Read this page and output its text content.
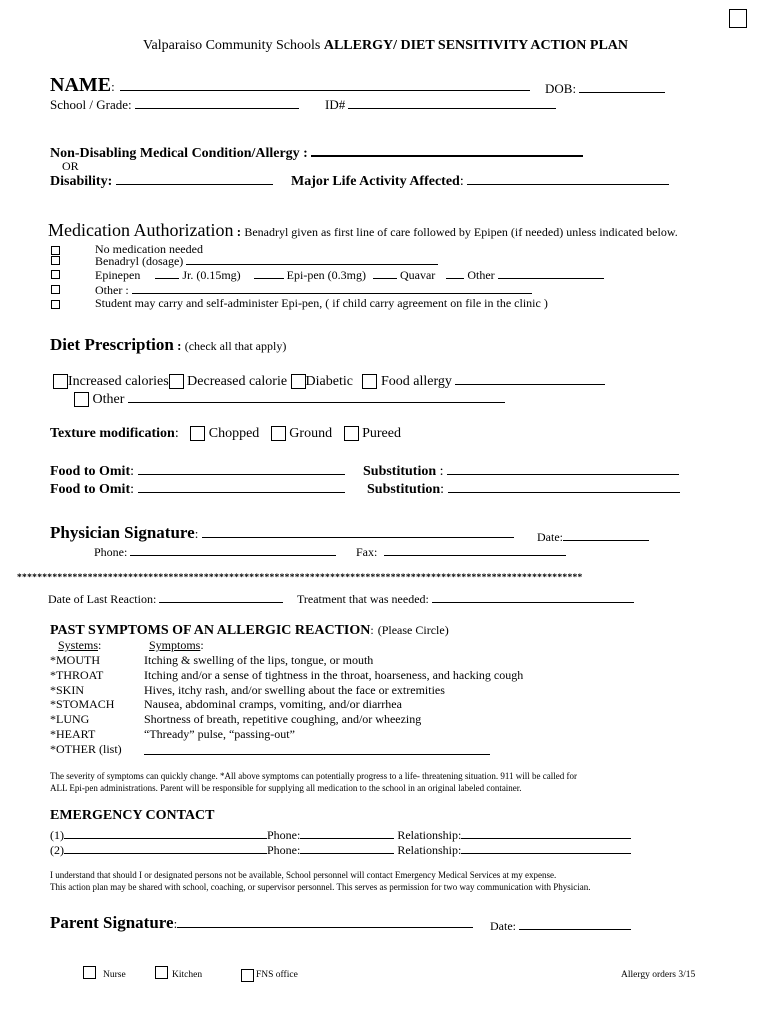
Valparaiso Community Schools ALLERGY/ DIET SENSITIVITY ACTION PLAN
NAME:	DOB:
School / Grade:	ID#
Non-Disabling Medical Condition/Allergy :
OR
Disability:	Major Life Activity Affected:
Medication Authorization : Benadryl given as first line of care followed by Epipen (if needed) unless indicated below.
No medication needed
Benadryl (dosage)
Epinepen	Jr. (0.15mg)	Epi-pen (0.3mg)	Quavar	Other
Other :
Student may carry and self-administer Epi-pen, ( if child carry agreement on file in the clinic )
Diet Prescription : (check all that apply)
Increased calories Decreased calorie Diabetic Food allergy
Other
Texture modification: Chopped Ground Pureed
Food to Omit:	Substitution :
Food to Omit:	Substitution:
Physician Signature:	Date:
Phone:	Fax:
****************************************************************************************************************
Date of Last Reaction:	Treatment that was needed:
PAST SYMPTOMS OF AN ALLERGIC REACTION: (Please Circle)
Systems:	Symptoms:
*MOUTH	Itching & swelling of the lips, tongue, or mouth
*THROAT	Itching and/or a sense of tightness in the throat, hoarseness, and hacking cough
*SKIN	Hives, itchy rash, and/or swelling about the face or extremities
*STOMACH Nausea, abdominal cramps, vomiting, and/or diarrhea
*LUNG	Shortness of breath, repetitive coughing, and/or wheezing
*HEART	“Thready” pulse, “passing-out”
*OTHER (list)
The severity of symptoms can quickly change. *All above symptoms can potentially progress to a life- threatening situation. 911 will be called for
ALL Epi-pen administrations. Parent will be responsible for supplying all medication to the school in an original labeled container.
EMERGENCY CONTACT
(1)	Phone:	Relationship:
(2)	Phone:	Relationship:
I understand that should I or designated persons not be available, School personnel will contact Emergency Medical Services at my expense.
This action plan may be shared with school, coaching, or supervisor personnel. This serves as permission for two way communication with Physician.
Parent Signature:	Date:
Nurse	Kitchen	FNS office	Allergy orders 3/15
